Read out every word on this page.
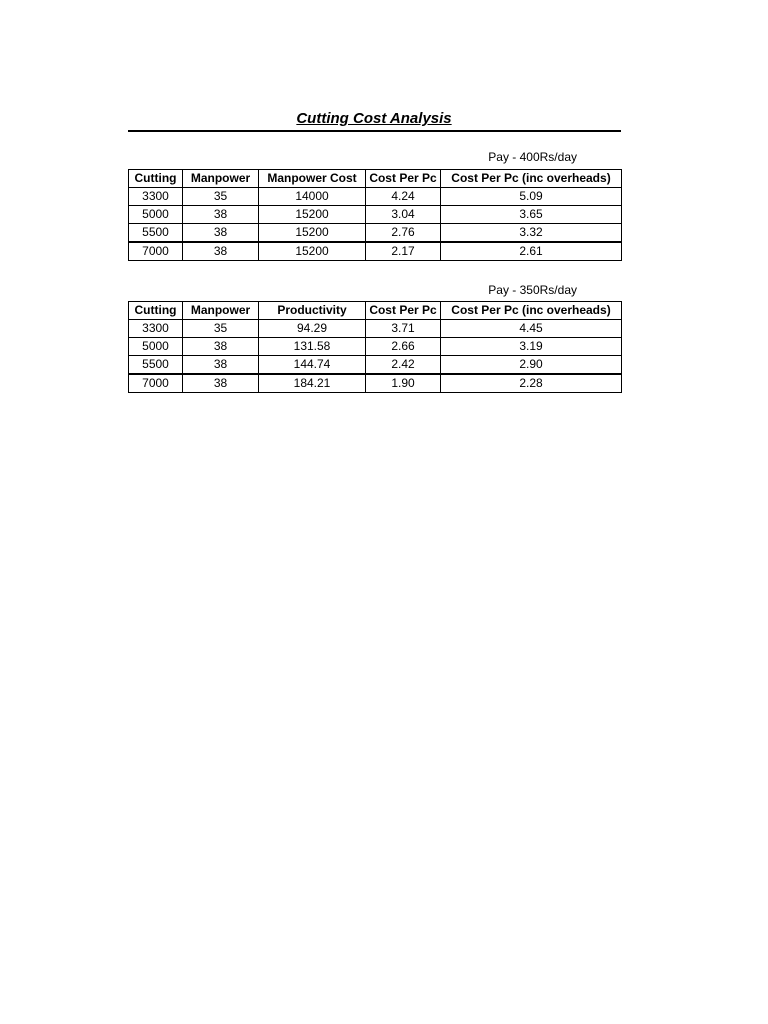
Cutting Cost Analysis
Pay - 400Rs/day
Cutting	Manpower	Manpower Cost	Cost Per Pc	Cost Per Pc (inc overheads)
3300	35	14000	4.24	5.09
5000	38	15200	3.04	3.65
5500	38	15200	2.76	3.32
7000	38	15200	2.17	2.61
Pay - 350Rs/day
Cutting	Manpower	Productivity	Cost Per Pc	Cost Per Pc (inc overheads)
3300	35	94.29	3.71	4.45
5000	38	131.58	2.66	3.19
5500	38	144.74	2.42	2.90
7000	38	184.21	1.90	2.28
